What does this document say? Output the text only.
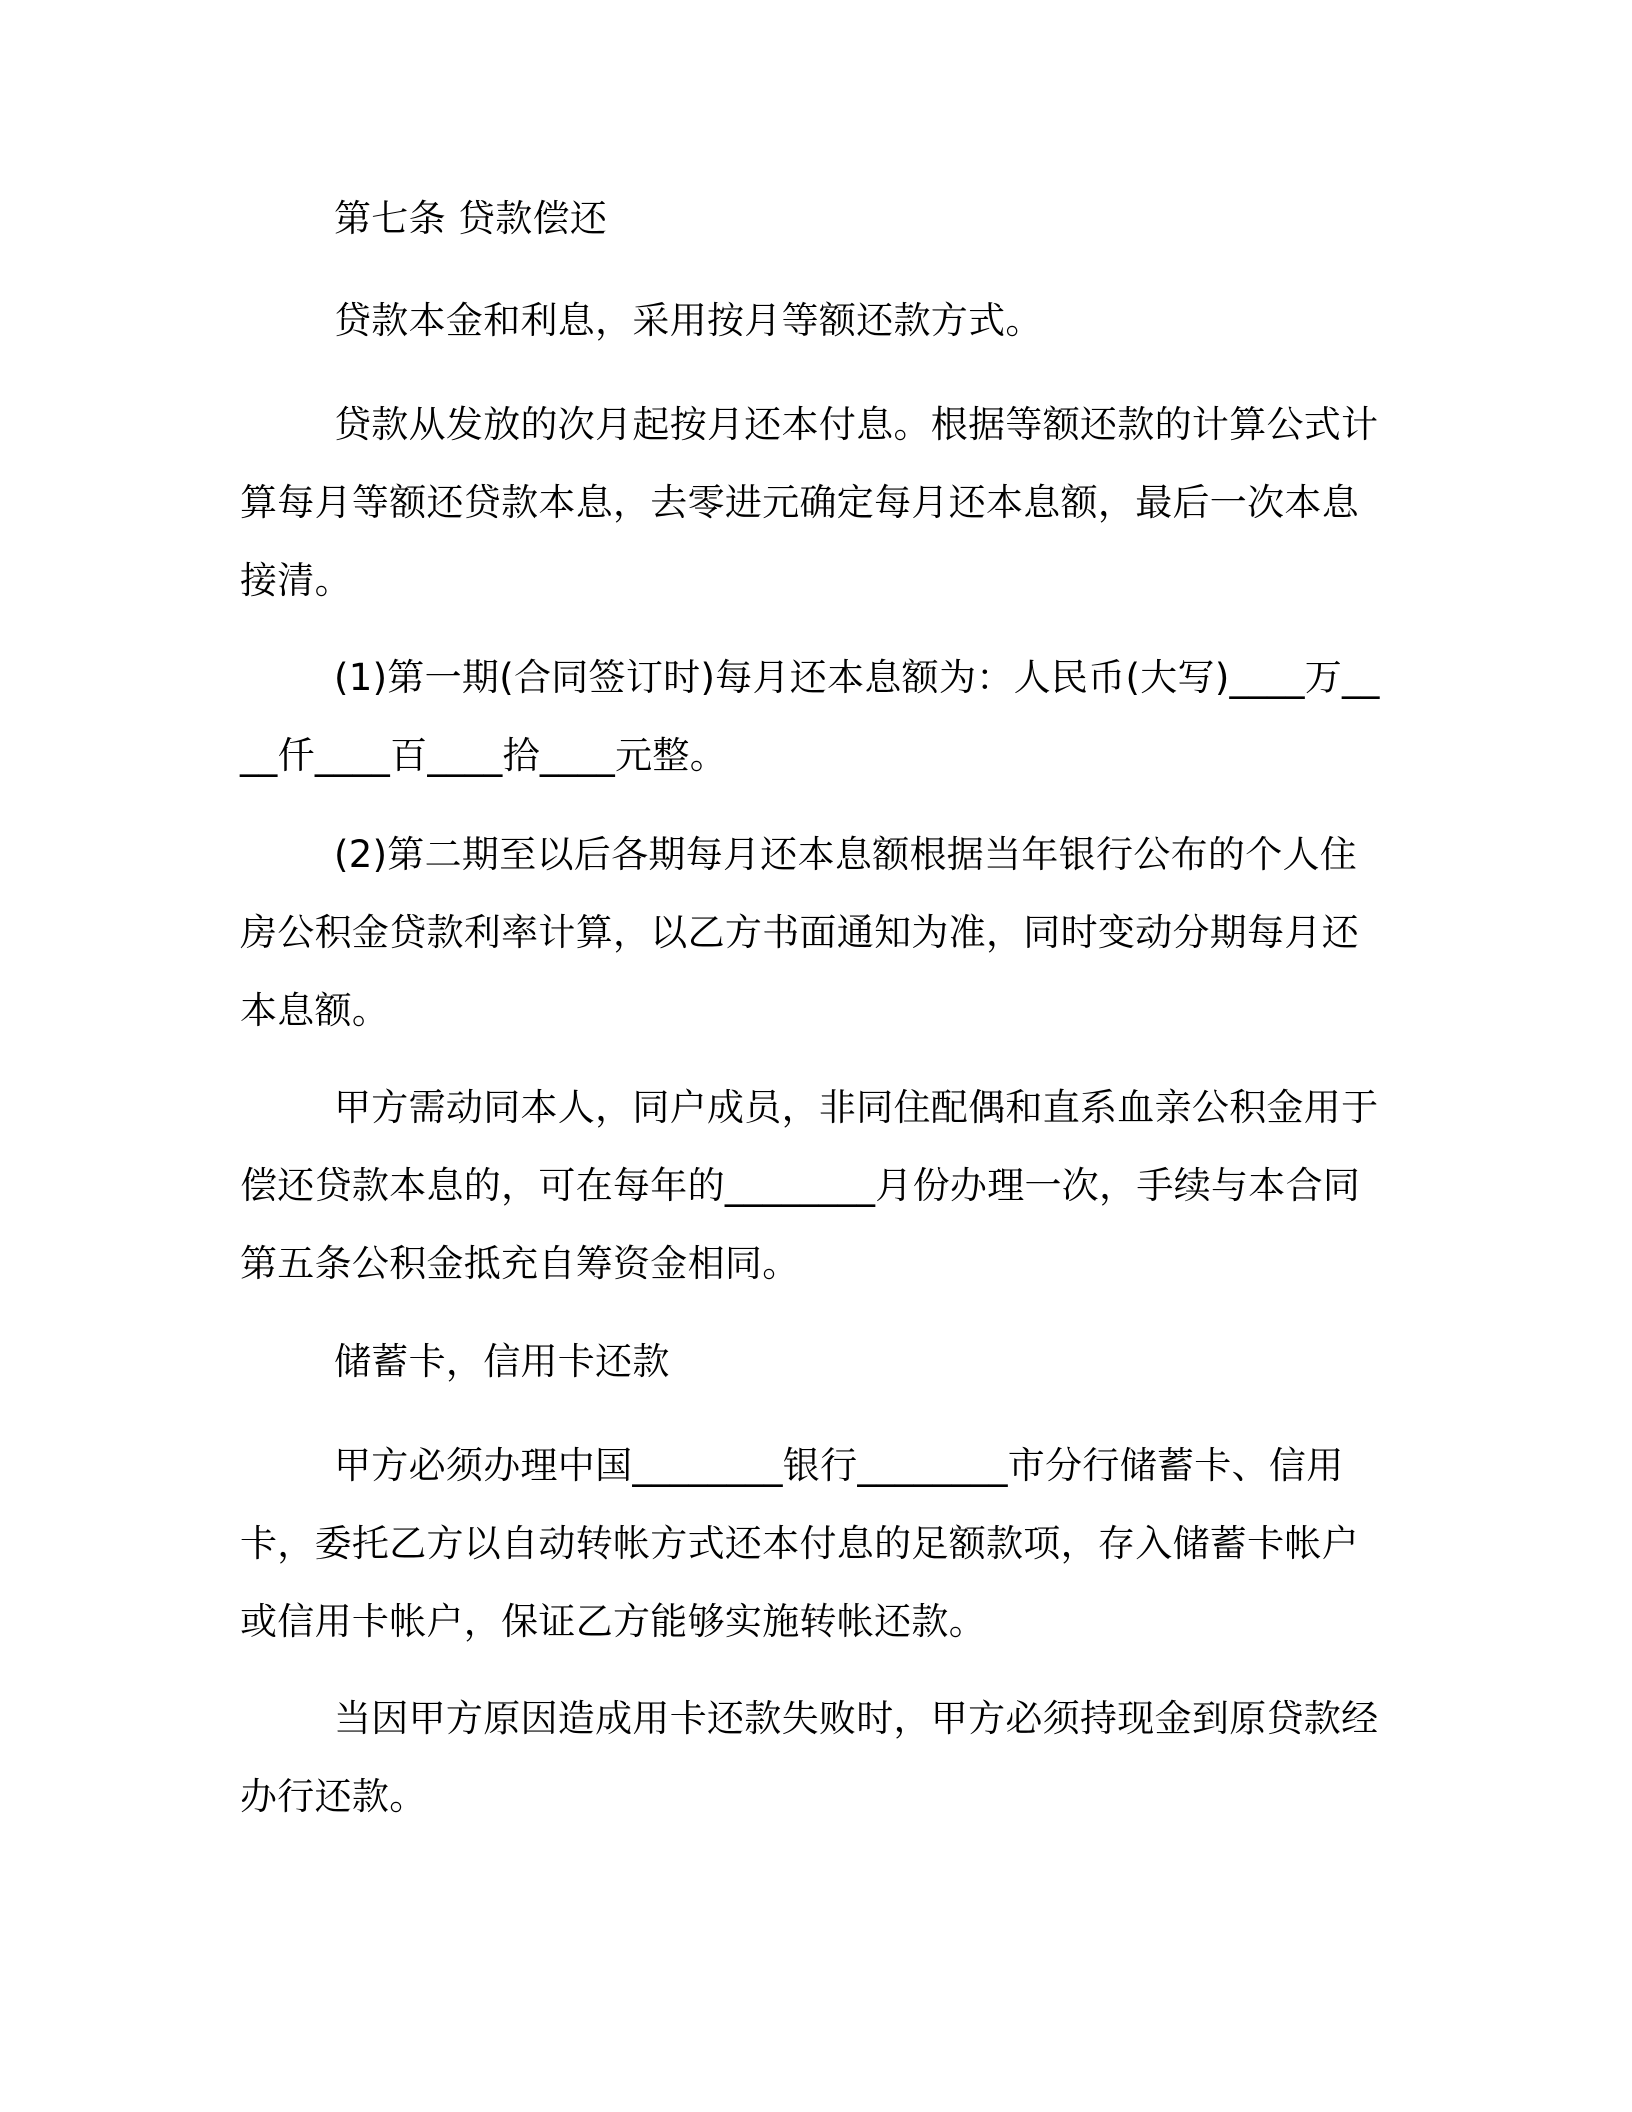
第七条 贷款偿还

贷款本金和利息，采用按月等额还款方式。

贷款从发放的次月起按月还本付息。根据等额还款的计算公式计算每月等额还贷款本息，去零进元确定每月还本息额，最后一次本息接清。

(1)第一期(合同签订时)每月还本息额为：人民币(大写)____万____仟____百____拾____元整。

(2)第二期至以后各期每月还本息额根据当年银行公布的个人住房公积金贷款利率计算，以乙方书面通知为准，同时变动分期每月还本息额。

甲方需动同本人，同户成员，非同住配偶和直系血亲公积金用于偿还贷款本息的，可在每年的________月份办理一次，手续与本合同第五条公积金抵充自筹资金相同。

储蓄卡，信用卡还款

甲方必须办理中国________银行________市分行储蓄卡、信用卡，委托乙方以自动转帐方式还本付息的足额款项，存入储蓄卡帐户或信用卡帐户，保证乙方能够实施转帐还款。

当因甲方原因造成用卡还款失败时，甲方必须持现金到原贷款经办行还款。
